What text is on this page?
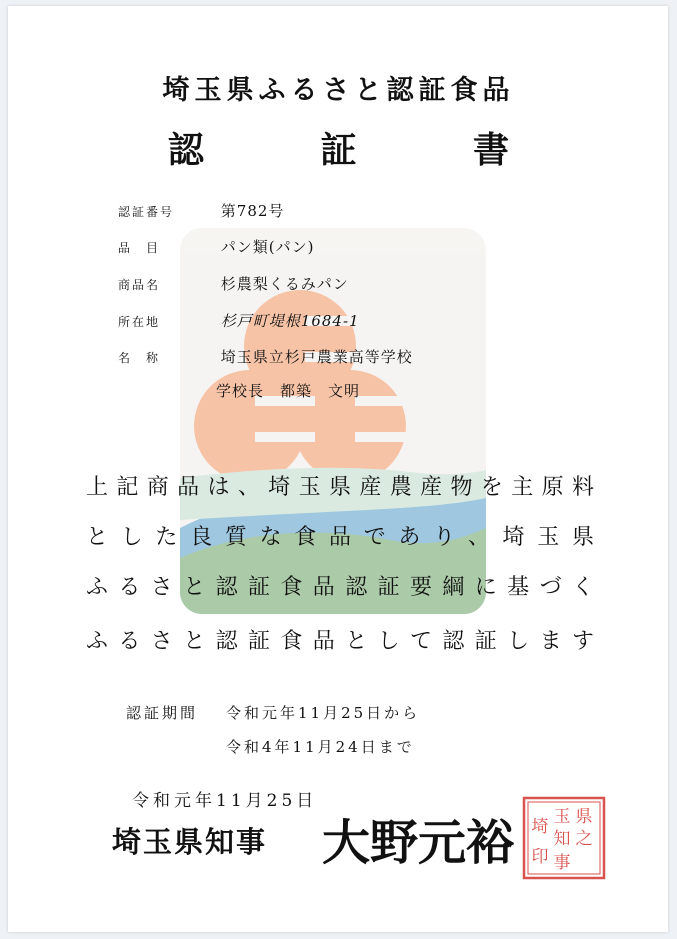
埼玉県ふるさと認証食品
認	証	書
認証番号	第782号
品　目	パン類(パン)
商品名	杉農梨くるみパン
所在地	杉戸町堤根1684-1
名　称	埼玉県立杉戸農業高等学校
学校長　都築　文明
上記商品は、埼玉県産農産物を主原料
とした良質な食品であり、埼玉県
ふるさと認証食品認証要綱に基づく
ふるさと認証食品として認証します
認証期間 令和元年11月25日から
令和4年11月24日まで
令和元年11月25日
埼玉県知事 大野元裕	県
之
玉
知
事
埼
印
